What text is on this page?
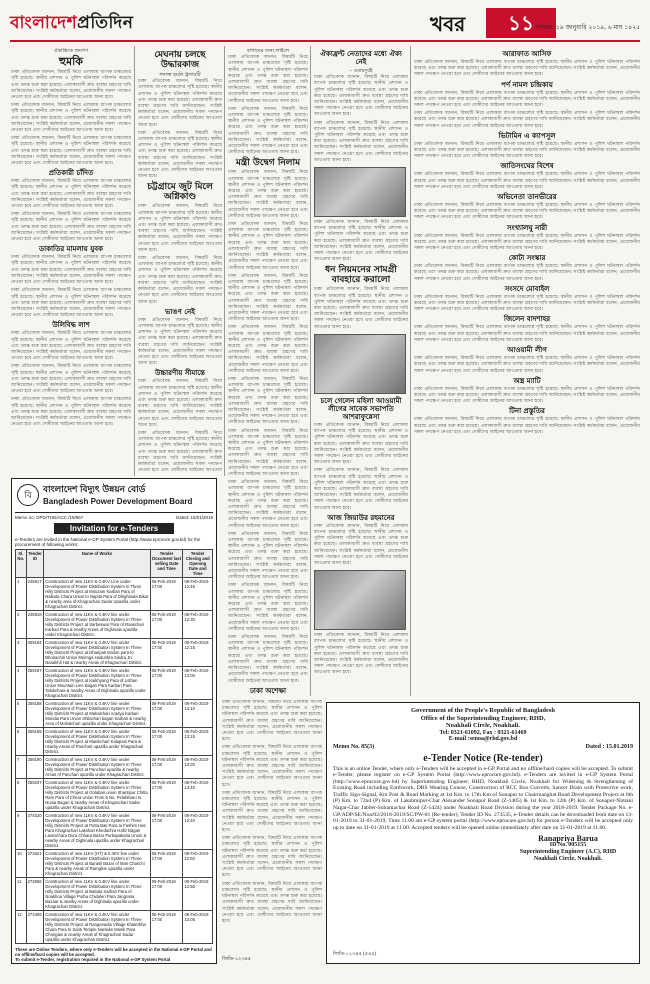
বাংলাদেশপ্রতিদিন	খবর	১১ শনিবার, ১৯ জানুয়ারি ২০১৯, ৬ মাঘ ১৪২৫
ঐকান্তিকে জনগণ
হুমকি

ঢাকা প্রতিবেদক জানান, বিষয়টি নিয়ে এলাকায় ব্যাপক চাঞ্চল্যের সৃষ্টি হয়েছে। স্থানীয় প্রশাসন ও পুলিশ ঘটনাস্থল পরিদর্শন করেছে এবং তদন্ত শুরু করা হয়েছে। এলাকাবাসী দ্রুত ব্যবস্থা গ্রহণের দাবি জানিয়েছেন। সংশ্লিষ্ট কর্মকর্তারা বলেন, প্রয়োজনীয় সকল পদক্ষেপ নেওয়া হবে এবং দোষীদের আইনের আওতায় আনা হবে।

ঢাকা প্রতিবেদক জানান, বিষয়টি নিয়ে এলাকায় ব্যাপক চাঞ্চল্যের সৃষ্টি হয়েছে। স্থানীয় প্রশাসন ও পুলিশ ঘটনাস্থল পরিদর্শন করেছে এবং তদন্ত শুরু করা হয়েছে। এলাকাবাসী দ্রুত ব্যবস্থা গ্রহণের দাবি জানিয়েছেন। সংশ্লিষ্ট কর্মকর্তারা বলেন, প্রয়োজনীয় সকল পদক্ষেপ নেওয়া হবে এবং দোষীদের আইনের আওতায় আনা হবে।

ঢাকা প্রতিবেদক জানান, বিষয়টি নিয়ে এলাকায় ব্যাপক চাঞ্চল্যের সৃষ্টি হয়েছে। স্থানীয় প্রশাসন ও পুলিশ ঘটনাস্থল পরিদর্শন করেছে এবং তদন্ত শুরু করা হয়েছে। এলাকাবাসী দ্রুত ব্যবস্থা গ্রহণের দাবি জানিয়েছেন। সংশ্লিষ্ট কর্মকর্তারা বলেন, প্রয়োজনীয় সকল পদক্ষেপ নেওয়া হবে এবং দোষীদের আইনের আওতায় আনা হবে।

প্রতিকারী চাঁদিত

ঢাকা প্রতিবেদক জানান, বিষয়টি নিয়ে এলাকায় ব্যাপক চাঞ্চল্যের সৃষ্টি হয়েছে। স্থানীয় প্রশাসন ও পুলিশ ঘটনাস্থল পরিদর্শন করেছে এবং তদন্ত শুরু করা হয়েছে। এলাকাবাসী দ্রুত ব্যবস্থা গ্রহণের দাবি জানিয়েছেন। সংশ্লিষ্ট কর্মকর্তারা বলেন, প্রয়োজনীয় সকল পদক্ষেপ নেওয়া হবে এবং দোষীদের আইনের আওতায় আনা হবে।

ঢাকা প্রতিবেদক জানান, বিষয়টি নিয়ে এলাকায় ব্যাপক চাঞ্চল্যের সৃষ্টি হয়েছে। স্থানীয় প্রশাসন ও পুলিশ ঘটনাস্থল পরিদর্শন করেছে এবং তদন্ত শুরু করা হয়েছে। এলাকাবাসী দ্রুত ব্যবস্থা গ্রহণের দাবি জানিয়েছেন। সংশ্লিষ্ট কর্মকর্তারা বলেন, প্রয়োজনীয় সকল পদক্ষেপ নেওয়া হবে এবং দোষীদের আইনের আওতায় আনা হবে।

ডাকাতির মামলায় যুবক

ঢাকা প্রতিবেদক জানান, বিষয়টি নিয়ে এলাকায় ব্যাপক চাঞ্চল্যের সৃষ্টি হয়েছে। স্থানীয় প্রশাসন ও পুলিশ ঘটনাস্থল পরিদর্শন করেছে এবং তদন্ত শুরু করা হয়েছে। এলাকাবাসী দ্রুত ব্যবস্থা গ্রহণের দাবি জানিয়েছেন। সংশ্লিষ্ট কর্মকর্তারা বলেন, প্রয়োজনীয় সকল পদক্ষেপ নেওয়া হবে এবং দোষীদের আইনের আওতায় আনা হবে।

ঢাকা প্রতিবেদক জানান, বিষয়টি নিয়ে এলাকায় ব্যাপক চাঞ্চল্যের সৃষ্টি হয়েছে। স্থানীয় প্রশাসন ও পুলিশ ঘটনাস্থল পরিদর্শন করেছে এবং তদন্ত শুরু করা হয়েছে। এলাকাবাসী দ্রুত ব্যবস্থা গ্রহণের দাবি জানিয়েছেন। সংশ্লিষ্ট কর্মকর্তারা বলেন, প্রয়োজনীয় সকল পদক্ষেপ নেওয়া হবে এবং দোষীদের আইনের আওতায় আনা হবে।

উলিবিদ্ধ লাশ

ঢাকা প্রতিবেদক জানান, বিষয়টি নিয়ে এলাকায় ব্যাপক চাঞ্চল্যের সৃষ্টি হয়েছে। স্থানীয় প্রশাসন ও পুলিশ ঘটনাস্থল পরিদর্শন করেছে এবং তদন্ত শুরু করা হয়েছে। এলাকাবাসী দ্রুত ব্যবস্থা গ্রহণের দাবি জানিয়েছেন। সংশ্লিষ্ট কর্মকর্তারা বলেন, প্রয়োজনীয় সকল পদক্ষেপ নেওয়া হবে এবং দোষীদের আইনের আওতায় আনা হবে।

ঢাকা প্রতিবেদক জানান, বিষয়টি নিয়ে এলাকায় ব্যাপক চাঞ্চল্যের সৃষ্টি হয়েছে। স্থানীয় প্রশাসন ও পুলিশ ঘটনাস্থল পরিদর্শন করেছে এবং তদন্ত শুরু করা হয়েছে। এলাকাবাসী দ্রুত ব্যবস্থা গ্রহণের দাবি জানিয়েছেন। সংশ্লিষ্ট কর্মকর্তারা বলেন, প্রয়োজনীয় সকল পদক্ষেপ নেওয়া হবে এবং দোষীদের আইনের আওতায় আনা হবে।

ঢাকা প্রতিবেদক জানান, বিষয়টি নিয়ে এলাকায় ব্যাপক চাঞ্চল্যের সৃষ্টি হয়েছে। স্থানীয় প্রশাসন ও পুলিশ ঘটনাস্থল পরিদর্শন করেছে এবং তদন্ত শুরু করা হয়েছে। এলাকাবাসী দ্রুত ব্যবস্থা গ্রহণের দাবি জানিয়েছেন। সংশ্লিষ্ট কর্মকর্তারা বলেন, প্রয়োজনীয় সকল পদক্ষেপ নেওয়া হবে এবং দোষীদের আইনের আওতায় আনা হবে।

মেঘনায় চলছে উদ্ধারকাজ
শনাক্ত হয়নি ট্রলারটি

ঢাকা প্রতিবেদক জানান, বিষয়টি নিয়ে এলাকায় ব্যাপক চাঞ্চল্যের সৃষ্টি হয়েছে। স্থানীয় প্রশাসন ও পুলিশ ঘটনাস্থল পরিদর্শন করেছে এবং তদন্ত শুরু করা হয়েছে। এলাকাবাসী দ্রুত ব্যবস্থা গ্রহণের দাবি জানিয়েছেন। সংশ্লিষ্ট কর্মকর্তারা বলেন, প্রয়োজনীয় সকল পদক্ষেপ নেওয়া হবে এবং দোষীদের আইনের আওতায় আনা হবে।

ঢাকা প্রতিবেদক জানান, বিষয়টি নিয়ে এলাকায় ব্যাপক চাঞ্চল্যের সৃষ্টি হয়েছে। স্থানীয় প্রশাসন ও পুলিশ ঘটনাস্থল পরিদর্শন করেছে এবং তদন্ত শুরু করা হয়েছে। এলাকাবাসী দ্রুত ব্যবস্থা গ্রহণের দাবি জানিয়েছেন। সংশ্লিষ্ট কর্মকর্তারা বলেন, প্রয়োজনীয় সকল পদক্ষেপ নেওয়া হবে এবং দোষীদের আইনের আওতায় আনা হবে।

চট্টগ্রামে জুট মিলে অগ্নিকাণ্ড

ঢাকা প্রতিবেদক জানান, বিষয়টি নিয়ে এলাকায় ব্যাপক চাঞ্চল্যের সৃষ্টি হয়েছে। স্থানীয় প্রশাসন ও পুলিশ ঘটনাস্থল পরিদর্শন করেছে এবং তদন্ত শুরু করা হয়েছে। এলাকাবাসী দ্রুত ব্যবস্থা গ্রহণের দাবি জানিয়েছেন। সংশ্লিষ্ট কর্মকর্তারা বলেন, প্রয়োজনীয় সকল পদক্ষেপ নেওয়া হবে এবং দোষীদের আইনের আওতায় আনা হবে।

ঢাকা প্রতিবেদক জানান, বিষয়টি নিয়ে এলাকায় ব্যাপক চাঞ্চল্যের সৃষ্টি হয়েছে। স্থানীয় প্রশাসন ও পুলিশ ঘটনাস্থল পরিদর্শন করেছে এবং তদন্ত শুরু করা হয়েছে। এলাকাবাসী দ্রুত ব্যবস্থা গ্রহণের দাবি জানিয়েছেন। সংশ্লিষ্ট কর্মকর্তারা বলেন, প্রয়োজনীয় সকল পদক্ষেপ নেওয়া হবে এবং দোষীদের আইনের আওতায় আনা হবে।

ভাঙণ নেই

ঢাকা প্রতিবেদক জানান, বিষয়টি নিয়ে এলাকায় ব্যাপক চাঞ্চল্যের সৃষ্টি হয়েছে। স্থানীয় প্রশাসন ও পুলিশ ঘটনাস্থল পরিদর্শন করেছে এবং তদন্ত শুরু করা হয়েছে। এলাকাবাসী দ্রুত ব্যবস্থা গ্রহণের দাবি জানিয়েছেন। সংশ্লিষ্ট কর্মকর্তারা বলেন, প্রয়োজনীয় সকল পদক্ষেপ নেওয়া হবে এবং দোষীদের আইনের আওতায় আনা হবে।

উচ্চারণীয় সীমান্তে

ঢাকা প্রতিবেদক জানান, বিষয়টি নিয়ে এলাকায় ব্যাপক চাঞ্চল্যের সৃষ্টি হয়েছে। স্থানীয় প্রশাসন ও পুলিশ ঘটনাস্থল পরিদর্শন করেছে এবং তদন্ত শুরু করা হয়েছে। এলাকাবাসী দ্রুত ব্যবস্থা গ্রহণের দাবি জানিয়েছেন। সংশ্লিষ্ট কর্মকর্তারা বলেন, প্রয়োজনীয় সকল পদক্ষেপ নেওয়া হবে এবং দোষীদের আইনের আওতায় আনা হবে।

ঢাকা প্রতিবেদক জানান, বিষয়টি নিয়ে এলাকায় ব্যাপক চাঞ্চল্যের সৃষ্টি হয়েছে। স্থানীয় প্রশাসন ও পুলিশ ঘটনাস্থল পরিদর্শন করেছে এবং তদন্ত শুরু করা হয়েছে। এলাকাবাসী দ্রুত ব্যবস্থা গ্রহণের দাবি জানিয়েছেন। সংশ্লিষ্ট কর্মকর্তারা বলেন, প্রয়োজনীয় সকল পদক্ষেপ নেওয়া হবে এবং দোষীদের আইনের আওতায়

বাগানের জন্য লাইলে

ঢাকা প্রতিবেদক জানান, বিষয়টি নিয়ে এলাকায় ব্যাপক চাঞ্চল্যের সৃষ্টি হয়েছে। স্থানীয় প্রশাসন ও পুলিশ ঘটনাস্থল পরিদর্শন করেছে এবং তদন্ত শুরু করা হয়েছে। এলাকাবাসী দ্রুত ব্যবস্থা গ্রহণের দাবি জানিয়েছেন। সংশ্লিষ্ট কর্মকর্তারা বলেন, প্রয়োজনীয় সকল পদক্ষেপ নেওয়া হবে এবং দোষীদের আইনের আওতায় আনা হবে।

ঢাকা প্রতিবেদক জানান, বিষয়টি নিয়ে এলাকায় ব্যাপক চাঞ্চল্যের সৃষ্টি হয়েছে। স্থানীয় প্রশাসন ও পুলিশ ঘটনাস্থল পরিদর্শন করেছে এবং তদন্ত শুরু করা হয়েছে। এলাকাবাসী দ্রুত ব্যবস্থা গ্রহণের দাবি জানিয়েছেন। সংশ্লিষ্ট কর্মকর্তারা বলেন, প্রয়োজনীয় সকল পদক্ষেপ নেওয়া হবে এবং দোষীদের আইনের আওতায় আনা হবে।

মন্ত্রী উদ্বেগ নিলাম

ঢাকা প্রতিবেদক জানান, বিষয়টি নিয়ে এলাকায় ব্যাপক চাঞ্চল্যের সৃষ্টি হয়েছে। স্থানীয় প্রশাসন ও পুলিশ ঘটনাস্থল পরিদর্শন করেছে এবং তদন্ত শুরু করা হয়েছে। এলাকাবাসী দ্রুত ব্যবস্থা গ্রহণের দাবি জানিয়েছেন। সংশ্লিষ্ট কর্মকর্তারা বলেন, প্রয়োজনীয় সকল পদক্ষেপ নেওয়া হবে এবং দোষীদের আইনের আওতায় আনা হবে।

ঢাকা প্রতিবেদক জানান, বিষয়টি নিয়ে এলাকায় ব্যাপক চাঞ্চল্যের সৃষ্টি হয়েছে। স্থানীয় প্রশাসন ও পুলিশ ঘটনাস্থল পরিদর্শন করেছে এবং তদন্ত শুরু করা হয়েছে। এলাকাবাসী দ্রুত ব্যবস্থা গ্রহণের দাবি জানিয়েছেন। সংশ্লিষ্ট কর্মকর্তারা বলেন, প্রয়োজনীয় সকল পদক্ষেপ নেওয়া হবে এবং দোষীদের আইনের আওতায় আনা হবে।

ঢাকা প্রতিবেদক জানান, বিষয়টি নিয়ে এলাকায় ব্যাপক চাঞ্চল্যের সৃষ্টি হয়েছে। স্থানীয় প্রশাসন ও পুলিশ ঘটনাস্থল পরিদর্শন করেছে এবং তদন্ত শুরু করা হয়েছে। এলাকাবাসী দ্রুত ব্যবস্থা গ্রহণের দাবি জানিয়েছেন। সংশ্লিষ্ট কর্মকর্তারা বলেন, প্রয়োজনীয় সকল পদক্ষেপ নেওয়া হবে এবং দোষীদের আইনের আওতায় আনা হবে।

ঢাকা প্রতিবেদক জানান, বিষয়টি নিয়ে এলাকায় ব্যাপক চাঞ্চল্যের সৃষ্টি হয়েছে। স্থানীয় প্রশাসন ও পুলিশ ঘটনাস্থল পরিদর্শন করেছে এবং তদন্ত শুরু করা হয়েছে। এলাকাবাসী দ্রুত ব্যবস্থা গ্রহণের দাবি জানিয়েছেন। সংশ্লিষ্ট কর্মকর্তারা বলেন, প্রয়োজনীয় সকল পদক্ষেপ নেওয়া হবে এবং দোষীদের আইনের আওতায় আনা হবে।

ঢাকা প্রতিবেদক জানান, বিষয়টি নিয়ে এলাকায় ব্যাপক চাঞ্চল্যের সৃষ্টি হয়েছে। স্থানীয় প্রশাসন ও পুলিশ ঘটনাস্থল পরিদর্শন করেছে এবং তদন্ত শুরু করা হয়েছে। এলাকাবাসী দ্রুত ব্যবস্থা গ্রহণের দাবি জানিয়েছেন। সংশ্লিষ্ট কর্মকর্তারা বলেন, প্রয়োজনীয় সকল পদক্ষেপ নেওয়া হবে এবং দোষীদের আইনের আওতায় আনা হবে।

ঢাকা প্রতিবেদক জানান, বিষয়টি নিয়ে এলাকায় ব্যাপক চাঞ্চল্যের সৃষ্টি হয়েছে। স্থানীয় প্রশাসন ও পুলিশ ঘটনাস্থল পরিদর্শন করেছে এবং তদন্ত শুরু করা হয়েছে। এলাকাবাসী দ্রুত ব্যবস্থা গ্রহণের দাবি জানিয়েছেন। সংশ্লিষ্ট কর্মকর্তারা বলেন, প্রয়োজনীয় সকল পদক্ষেপ নেওয়া হবে এবং দোষীদের আইনের আওতায় আনা হবে।

ঢাকা প্রতিবেদক জানান, বিষয়টি নিয়ে এলাকায় ব্যাপক চাঞ্চল্যের সৃষ্টি হয়েছে। স্থানীয় প্রশাসন ও পুলিশ ঘটনাস্থল পরিদর্শন করেছে এবং তদন্ত শুরু করা হয়েছে। এলাকাবাসী দ্রুত ব্যবস্থা গ্রহণের দাবি জানিয়েছেন। সংশ্লিষ্ট কর্মকর্তারা বলেন, প্রয়োজনীয় সকল পদক্ষেপ নেওয়া হবে এবং দোষীদের আইনের আওতায় আনা হবে।

ঢাকা প্রতিবেদক জানান, বিষয়টি নিয়ে এলাকায় ব্যাপক চাঞ্চল্যের সৃষ্টি হয়েছে। স্থানীয় প্রশাসন ও পুলিশ ঘটনাস্থল পরিদর্শন করেছে এবং তদন্ত শুরু করা হয়েছে। এলাকাবাসী দ্রুত ব্যবস্থা গ্রহণের দাবি জানিয়েছেন। সংশ্লিষ্ট কর্মকর্তারা বলেন, প্রয়োজনীয় সকল পদক্ষেপ নেওয়া হবে এবং দোষীদের আইনের আওতায় আনা হবে।

ঢাকা প্রতিবেদক জানান, বিষয়টি নিয়ে এলাকায় ব্যাপক চাঞ্চল্যের সৃষ্টি হয়েছে। স্থানীয় প্রশাসন ও পুলিশ ঘটনাস্থল পরিদর্শন করেছে এবং তদন্ত শুরু করা হয়েছে। এলাকাবাসী দ্রুত ব্যবস্থা গ্রহণের দাবি জানিয়েছেন। সংশ্লিষ্ট কর্মকর্তারা বলেন, প্রয়োজনীয় সকল পদক্ষেপ নেওয়া হবে এবং দোষীদের আইনের আওতায় আনা হবে।

ঢাকা প্রতিবেদক জানান, বিষয়টি নিয়ে এলাকায় ব্যাপক চাঞ্চল্যের সৃষ্টি হয়েছে। স্থানীয় প্রশাসন ও পুলিশ ঘটনাস্থল পরিদর্শন করেছে এবং তদন্ত শুরু করা হয়েছে। এলাকাবাসী দ্রুত ব্যবস্থা গ্রহণের দাবি জানিয়েছেন। সংশ্লিষ্ট কর্মকর্তারা বলেন, প্রয়োজনীয় সকল পদক্ষেপ নেওয়া হবে এবং দোষীদের আইনের আওতায় আনা হবে।

ঢাকা অশেক্ষা

ঐক্যফ্রন্ট নেতাদের মধ্যে ঐক্য নেই
– ওবায়দুর্বই

ঢাকা প্রতিবেদক জানান, বিষয়টি নিয়ে এলাকায় ব্যাপক চাঞ্চল্যের সৃষ্টি হয়েছে। স্থানীয় প্রশাসন ও পুলিশ ঘটনাস্থল পরিদর্শন করেছে এবং তদন্ত শুরু করা হয়েছে। এলাকাবাসী দ্রুত ব্যবস্থা গ্রহণের দাবি জানিয়েছেন। সংশ্লিষ্ট কর্মকর্তারা বলেন, প্রয়োজনীয় সকল পদক্ষেপ নেওয়া হবে এবং দোষীদের আইনের আওতায় আনা হবে।

ঢাকা প্রতিবেদক জানান, বিষয়টি নিয়ে এলাকায় ব্যাপক চাঞ্চল্যের সৃষ্টি হয়েছে। স্থানীয় প্রশাসন ও পুলিশ ঘটনাস্থল পরিদর্শন করেছে এবং তদন্ত শুরু করা হয়েছে। এলাকাবাসী দ্রুত ব্যবস্থা গ্রহণের দাবি জানিয়েছেন। সংশ্লিষ্ট কর্মকর্তারা বলেন, প্রয়োজনীয় সকল পদক্ষেপ নেওয়া হবে এবং দোষীদের আইনের আওতায় আনা হবে।

ঢাকা প্রতিবেদক জানান, বিষয়টি নিয়ে এলাকায় ব্যাপক চাঞ্চল্যের সৃষ্টি হয়েছে। স্থানীয় প্রশাসন ও পুলিশ ঘটনাস্থল পরিদর্শন করেছে এবং তদন্ত শুরু করা হয়েছে। এলাকাবাসী দ্রুত ব্যবস্থা গ্রহণের দাবি জানিয়েছেন। সংশ্লিষ্ট কর্মকর্তারা বলেন, প্রয়োজনীয় সকল পদক্ষেপ নেওয়া হবে এবং দোষীদের আইনের আওতায় আনা হবে।

ধন নিয়মনের সামগ্রী বাবহারে করালো

ঢাকা প্রতিবেদক জানান, বিষয়টি নিয়ে এলাকায় ব্যাপক চাঞ্চল্যের সৃষ্টি হয়েছে। স্থানীয় প্রশাসন ও পুলিশ ঘটনাস্থল পরিদর্শন করেছে এবং তদন্ত শুরু করা হয়েছে। এলাকাবাসী দ্রুত ব্যবস্থা গ্রহণের দাবি জানিয়েছেন। সংশ্লিষ্ট কর্মকর্তারা বলেন, প্রয়োজনীয় সকল পদক্ষেপ নেওয়া হবে এবং দোষীদের আইনের আওতায় আনা হবে।

চলে গেলেন মহিলা আওয়ামী লীগের সাবেক সভাপতি আশরাফুন্নেসা

ঢাকা প্রতিবেদক জানান, বিষয়টি নিয়ে এলাকায় ব্যাপক চাঞ্চল্যের সৃষ্টি হয়েছে। স্থানীয় প্রশাসন ও পুলিশ ঘটনাস্থল পরিদর্শন করেছে এবং তদন্ত শুরু করা হয়েছে। এলাকাবাসী দ্রুত ব্যবস্থা গ্রহণের দাবি জানিয়েছেন। সংশ্লিষ্ট কর্মকর্তারা বলেন, প্রয়োজনীয় সকল পদক্ষেপ নেওয়া হবে এবং দোষীদের আইনের আওতায় আনা হবে।

ঢাকা প্রতিবেদক জানান, বিষয়টি নিয়ে এলাকায় ব্যাপক চাঞ্চল্যের সৃষ্টি হয়েছে। স্থানীয় প্রশাসন ও পুলিশ ঘটনাস্থল পরিদর্শন করেছে এবং তদন্ত শুরু করা হয়েছে। এলাকাবাসী দ্রুত ব্যবস্থা গ্রহণের দাবি জানিয়েছেন। সংশ্লিষ্ট কর্মকর্তারা বলেন, প্রয়োজনীয় সকল পদক্ষেপ নেওয়া হবে এবং দোষীদের আইনের আওতায় আনা হবে।

আজ জিয়াউর রহমানের

ঢাকা প্রতিবেদক জানান, বিষয়টি নিয়ে এলাকায় ব্যাপক চাঞ্চল্যের সৃষ্টি হয়েছে। স্থানীয় প্রশাসন ও পুলিশ ঘটনাস্থল পরিদর্শন করেছে এবং তদন্ত শুরু করা হয়েছে। এলাকাবাসী দ্রুত ব্যবস্থা গ্রহণের দাবি জানিয়েছেন। সংশ্লিষ্ট কর্মকর্তারা বলেন, প্রয়োজনীয় সকল পদক্ষেপ নেওয়া হবে এবং দোষীদের আইনের আওতায় আনা হবে।

ঢাকা প্রতিবেদক জানান, বিষয়টি নিয়ে এলাকায় ব্যাপক চাঞ্চল্যের সৃষ্টি হয়েছে। স্থানীয় প্রশাসন ও পুলিশ ঘটনাস্থল পরিদর্শন করেছে এবং তদন্ত শুরু করা হয়েছে। এলাকাবাসী দ্রুত ব্যবস্থা গ্রহণের দাবি জানিয়েছেন। সংশ্লিষ্ট কর্মকর্তারা বলেন, প্রয়োজনীয় সকল পদক্ষেপ নেওয়া হবে এবং দোষীদের আইনের আওতায় আনা হবে।

আরাফাত আসিফ

ঢাকা প্রতিবেদক জানান, বিষয়টি নিয়ে এলাকায় ব্যাপক চাঞ্চল্যের সৃষ্টি হয়েছে। স্থানীয় প্রশাসন ও পুলিশ ঘটনাস্থল পরিদর্শন করেছে এবং তদন্ত শুরু করা হয়েছে। এলাকাবাসী দ্রুত ব্যবস্থা গ্রহণের দাবি জানিয়েছেন। সংশ্লিষ্ট কর্মকর্তারা বলেন, প্রয়োজনীয় সকল পদক্ষেপ নেওয়া হবে এবং দোষীদের আইনের আওতায় আনা হবে।

পর্ণ নামল চন্দ্রিকায়

ঢাকা প্রতিবেদক জানান, বিষয়টি নিয়ে এলাকায় ব্যাপক চাঞ্চল্যের সৃষ্টি হয়েছে। স্থানীয় প্রশাসন ও পুলিশ ঘটনাস্থল পরিদর্শন করেছে এবং তদন্ত শুরু করা হয়েছে। এলাকাবাসী দ্রুত ব্যবস্থা গ্রহণের দাবি জানিয়েছেন। সংশ্লিষ্ট কর্মকর্তারা বলেন, প্রয়োজনীয় সকল পদক্ষেপ নেওয়া হবে এবং দোষীদের আইনের আওতায় আনা হবে।

ঢাকা প্রতিবেদক জানান, বিষয়টি নিয়ে এলাকায় ব্যাপক চাঞ্চল্যের সৃষ্টি হয়েছে। স্থানীয় প্রশাসন ও পুলিশ ঘটনাস্থল পরিদর্শন করেছে এবং তদন্ত শুরু করা হয়েছে। এলাকাবাসী দ্রুত ব্যবস্থা গ্রহণের দাবি জানিয়েছেন। সংশ্লিষ্ট কর্মকর্তারা বলেন, প্রয়োজনীয় সকল পদক্ষেপ নেওয়া হবে এবং দোষীদের আইনের আওতায় আনা হবে।

ভিটামিন এ ক্যাপসুল

ঢাকা প্রতিবেদক জানান, বিষয়টি নিয়ে এলাকায় ব্যাপক চাঞ্চল্যের সৃষ্টি হয়েছে। স্থানীয় প্রশাসন ও পুলিশ ঘটনাস্থল পরিদর্শন করেছে এবং তদন্ত শুরু করা হয়েছে। এলাকাবাসী দ্রুত ব্যবস্থা গ্রহণের দাবি জানিয়েছেন। সংশ্লিষ্ট কর্মকর্তারা বলেন, প্রয়োজনীয় সকল পদক্ষেপ নেওয়া হবে এবং দোষীদের আইনের আওতায় আনা হবে।

জাতিসংঘের বিশেষ

ঢাকা প্রতিবেদক জানান, বিষয়টি নিয়ে এলাকায় ব্যাপক চাঞ্চল্যের সৃষ্টি হয়েছে। স্থানীয় প্রশাসন ও পুলিশ ঘটনাস্থল পরিদর্শন করেছে এবং তদন্ত শুরু করা হয়েছে। এলাকাবাসী দ্রুত ব্যবস্থা গ্রহণের দাবি জানিয়েছেন। সংশ্লিষ্ট কর্মকর্তারা বলেন, প্রয়োজনীয় সকল পদক্ষেপ নেওয়া হবে এবং দোষীদের আইনের আওতায় আনা হবে।

অভিনেতা তানভীরের

ঢাকা প্রতিবেদক জানান, বিষয়টি নিয়ে এলাকায় ব্যাপক চাঞ্চল্যের সৃষ্টি হয়েছে। স্থানীয় প্রশাসন ও পুলিশ ঘটনাস্থল পরিদর্শন করেছে এবং তদন্ত শুরু করা হয়েছে। এলাকাবাসী দ্রুত ব্যবস্থা গ্রহণের দাবি জানিয়েছেন। সংশ্লিষ্ট কর্মকর্তারা বলেন, প্রয়োজনীয় সকল পদক্ষেপ নেওয়া হবে এবং দোষীদের আইনের আওতায় আনা হবে।

সংখ্যালঘু নারী

ঢাকা প্রতিবেদক জানান, বিষয়টি নিয়ে এলাকায় ব্যাপক চাঞ্চল্যের সৃষ্টি হয়েছে। স্থানীয় প্রশাসন ও পুলিশ ঘটনাস্থল পরিদর্শন করেছে এবং তদন্ত শুরু করা হয়েছে। এলাকাবাসী দ্রুত ব্যবস্থা গ্রহণের দাবি জানিয়েছেন। সংশ্লিষ্ট কর্মকর্তারা বলেন, প্রয়োজনীয় সকল পদক্ষেপ নেওয়া হবে এবং দোষীদের আইনের আওতায় আনা হবে।

কোটা সংস্কার

ঢাকা প্রতিবেদক জানান, বিষয়টি নিয়ে এলাকায় ব্যাপক চাঞ্চল্যের সৃষ্টি হয়েছে। স্থানীয় প্রশাসন ও পুলিশ ঘটনাস্থল পরিদর্শন করেছে এবং তদন্ত শুরু করা হয়েছে। এলাকাবাসী দ্রুত ব্যবস্থা গ্রহণের দাবি জানিয়েছেন। সংশ্লিষ্ট কর্মকর্তারা বলেন, প্রয়োজনীয় সকল পদক্ষেপ নেওয়া হবে এবং দোষীদের আইনের আওতায় আনা হবে।

সংসদে মোবাইল

ঢাকা প্রতিবেদক জানান, বিষয়টি নিয়ে এলাকায় ব্যাপক চাঞ্চল্যের সৃষ্টি হয়েছে। স্থানীয় প্রশাসন ও পুলিশ ঘটনাস্থল পরিদর্শন করেছে এবং তদন্ত শুরু করা হয়েছে। এলাকাবাসী দ্রুত ব্যবস্থা গ্রহণের দাবি জানিয়েছেন। সংশ্লিষ্ট কর্মকর্তারা বলেন, প্রয়োজনীয় সকল পদক্ষেপ নেওয়া হবে এবং দোষীদের আইনের আওতায় আনা হবে।

জিলেন বাদশাহর

ঢাকা প্রতিবেদক জানান, বিষয়টি নিয়ে এলাকায় ব্যাপক চাঞ্চল্যের সৃষ্টি হয়েছে। স্থানীয় প্রশাসন ও পুলিশ ঘটনাস্থল পরিদর্শন করেছে এবং তদন্ত শুরু করা হয়েছে। এলাকাবাসী দ্রুত ব্যবস্থা গ্রহণের দাবি জানিয়েছেন। সংশ্লিষ্ট কর্মকর্তারা বলেন, প্রয়োজনীয় সকল পদক্ষেপ নেওয়া হবে এবং দোষীদের আইনের আওতায় আনা হবে।

আওয়ামী লীগ

ঢাকা প্রতিবেদক জানান, বিষয়টি নিয়ে এলাকায় ব্যাপক চাঞ্চল্যের সৃষ্টি হয়েছে। স্থানীয় প্রশাসন ও পুলিশ ঘটনাস্থল পরিদর্শন করেছে এবং তদন্ত শুরু করা হয়েছে। এলাকাবাসী দ্রুত ব্যবস্থা গ্রহণের দাবি জানিয়েছেন। সংশ্লিষ্ট কর্মকর্তারা বলেন, প্রয়োজনীয় সকল পদক্ষেপ নেওয়া হবে এবং দোষীদের আইনের আওতায় আনা হবে।

অস্ত্র ম্যাটি

ঢাকা প্রতিবেদক জানান, বিষয়টি নিয়ে এলাকায় ব্যাপক চাঞ্চল্যের সৃষ্টি হয়েছে। স্থানীয় প্রশাসন ও পুলিশ ঘটনাস্থল পরিদর্শন করেছে এবং তদন্ত শুরু করা হয়েছে। এলাকাবাসী দ্রুত ব্যবস্থা গ্রহণের দাবি জানিয়েছেন। সংশ্লিষ্ট কর্মকর্তারা বলেন, প্রয়োজনীয় সকল পদক্ষেপ নেওয়া হবে এবং দোষীদের আইনের আওতায় আনা হবে।

টিনা প্রস্তুতির

ঢাকা প্রতিবেদক জানান, বিষয়টি নিয়ে এলাকায় ব্যাপক চাঞ্চল্যের সৃষ্টি হয়েছে। স্থানীয় প্রশাসন ও পুলিশ ঘটনাস্থল পরিদর্শন করেছে এবং তদন্ত শুরু করা হয়েছে। এলাকাবাসী দ্রুত ব্যবস্থা গ্রহণের দাবি জানিয়েছেন। সংশ্লিষ্ট কর্মকর্তারা বলেন, প্রয়োজনীয় সকল পদক্ষেপ নেওয়া হবে এবং দোষীদের আইনের আওতায় আনা হবে।

ঢাকা প্রতিবেদক জানান, বিষয়টি নিয়ে এলাকায় ব্যাপক চাঞ্চল্যের সৃষ্টি হয়েছে। স্থানীয় প্রশাসন ও পুলিশ ঘটনাস্থল পরিদর্শন করেছে এবং তদন্ত শুরু করা হয়েছে। এলাকাবাসী দ্রুত ব্যবস্থা গ্রহণের দাবি জানিয়েছেন। সংশ্লিষ্ট কর্মকর্তারা বলেন, প্রয়োজনীয় সকল পদক্ষেপ নেওয়া হবে এবং দোষীদের আইনের আওতায় আনা হবে।

ঢাকা প্রতিবেদক জানান, বিষয়টি নিয়ে এলাকায় ব্যাপক চাঞ্চল্যের সৃষ্টি হয়েছে। স্থানীয় প্রশাসন ও পুলিশ ঘটনাস্থল পরিদর্শন করেছে এবং তদন্ত শুরু করা হয়েছে। এলাকাবাসী দ্রুত ব্যবস্থা গ্রহণের দাবি জানিয়েছেন। সংশ্লিষ্ট কর্মকর্তারা বলেন, প্রয়োজনীয় সকল পদক্ষেপ নেওয়া হবে এবং দোষীদের আইনের আওতায় আনা হবে।

ঢাকা প্রতিবেদক জানান, বিষয়টি নিয়ে এলাকায় ব্যাপক চাঞ্চল্যের সৃষ্টি হয়েছে। স্থানীয় প্রশাসন ও পুলিশ ঘটনাস্থল পরিদর্শন করেছে এবং তদন্ত শুরু করা হয়েছে। এলাকাবাসী দ্রুত ব্যবস্থা গ্রহণের দাবি জানিয়েছেন। সংশ্লিষ্ট কর্মকর্তারা বলেন, প্রয়োজনীয় সকল পদক্ষেপ নেওয়া হবে এবং দোষীদের আইনের আওতায় আনা হবে।

ঢাকা প্রতিবেদক জানান, বিষয়টি নিয়ে এলাকায় ব্যাপক চাঞ্চল্যের সৃষ্টি হয়েছে। স্থানীয় প্রশাসন ও পুলিশ ঘটনাস্থল পরিদর্শন করেছে এবং তদন্ত শুরু করা হয়েছে। এলাকাবাসী দ্রুত ব্যবস্থা গ্রহণের দাবি জানিয়েছেন। সংশ্লিষ্ট কর্মকর্তারা বলেন, প্রয়োজনীয় সকল পদক্ষেপ নেওয়া হবে এবং দোষীদের আইনের আওতায় আনা হবে।

ঢাকা প্রতিবেদক জানান, বিষয়টি নিয়ে এলাকায় ব্যাপক চাঞ্চল্যের সৃষ্টি হয়েছে। স্থানীয় প্রশাসন ও পুলিশ ঘটনাস্থল পরিদর্শন করেছে এবং তদন্ত শুরু করা হয়েছে। এলাকাবাসী দ্রুত ব্যবস্থা গ্রহণের দাবি জানিয়েছেন। সংশ্লিষ্ট কর্মকর্তারা বলেন, প্রয়োজনীয় সকল পদক্ষেপ নেওয়া হবে এবং দোষীদের আইনের আওতায় আনা হবে।

জিডি-১২৩৪৫
বি
বাংলাদেশ বিদ্যুৎ উন্নয়ন বোর্ড
Bangladesh Power Development Board
Memo no: DPD/THD/ACC /18/967	Dated: 15/01/2019
Invitation for e-Tenders
e-Tenders are invited in the National e-GP System Portal (http://www.eprocure.gov.bd) for the procurement of following works:
Sl. No.	Tender ID	Name of Works	Tender Document last selling Date and Time	Tender Closing and Opening Date and Time
1	245817	Construction of new 11KV & 0.4KV Line under Development of Power Distribution System in Three Hilly Districts Project at Mouzam Karbari Para of Nalkata Chara Union to Napita Para of Dhighinala Bikar & nearby area of Khagrachari Sadar Upazilla under Khagrachari District.	05-Feb-2019 17:00	06-Feb-2019 12:45
2	245818	Construction of new 11KV & 0.4KV line under Development of Power Distribution System In Three Hilly Districts Project at Sarbeswar Para of Roaschari Karbari Para & nearby Areas of Dighinala upazilla under Khagrachari District.	05-Feb-2019 17:00	06-Feb-2019 12:30
3	259184	Construction of new 11KV & 0.4KV line under Development of Power Distribution System In Three Hilly Districts Project at Dhanpati Moilon para to Bhoirachiri Union Moringa Haduribra Sikdra Jn. Naraikhil Hat & nearby Areas of Khagrachari District.	05-Feb-2019 17:00	06-Feb-2019 12:15
4	259187	Construction of new 11KV & 0.4KV line under Development of Power Distribution System In Three Hilly Districts Project at Kaikhyang Para of Lothan Union Mountain Line Bagan Para Karbari Para Talukchara & nearby Areas of Dighinala upazilla under Khagrachari District.	05-Feb-2019 17:00	06-Feb-2019 13:00
5	259188	Construction of new 11KV & 0.4KV line under Development of Power Distribution System In Three Hilly Districts Project at Mahalchari Aradya Karbari Mondia Para Union Shilachari bagan Karbari & nearby Area of Mahalchari upazilla under Khagrachari District.	05-Feb-2019 17:00	06-Feb-2019 13:10
6	259189	Construction of new 11KV & 0.4KV line under Development of Power Distribution System In Three Hilly Districts Project at Manikchari Kalapani Para & nearby Areas of Panchari upazilla under Khagrachari District.	05-Feb-2019 17:00	06-Feb-2019 13:15
7	259190	Construction of new 11KV & 0.4KV line under Development of Power Distribution System In Three Hilly Districts Project at Panchari upazilla & nearby Areas of Panchari upazilla under Khagrachari District.	05-Feb-2019 17:00	06-Feb-2019 13:30
8	259207	Construction of new 11KV & 0.4KV line under Development of Power Distribution System In Three Hilly Districts Project at Golabari union Shantipur Chitta Ram Para of Chera Union From 6 No. Pelahibaru to Nunia Bagan & nearby Areas of Khagrachari Sadar upazilla under Khagrachari District.	05-Feb-2019 17:00	06-Feb-2019 13:40
9	274020	Construction of new 11KV & 0.4KV line under Development of Power Distribution System In Three Hilly Districts Project at Putta Bati Para to Fashim Hati Para Khagrachari Lakshari Khedachra Hafiz Bagan Laxmichara Dura Chhara Bazar Purbapakaria Union & nearby Areas of Dighinala upazilla under Khagrachari District.	05-Feb-2019 17:00	06-Feb-2019 12:40
10	273621	Construction of new 11KV (HT) & 0.4KV line under Development of Power Distribution System In Three Hilly Districts Project at Barasil Bazar of Mari Chanchi Para & nearby Areas of Ramghar upazilla under Khagrachari District.	05-Feb-2019 17:00	06-Feb-2019 12:50
11	273606	Construction of new 11KV & 0.4KV line under Development of Power Distribution System In Three Hilly Districts Project at Battala Karbari Para of Noakhoa Village Purba Chiduleri Para Jangrana Bazaar & nearby Areas of Dighinala upazilla under Khagrachari District.	05-Feb-2019 17:00	06-Feb-2019 12:55
12	273408	Construction of new 11KV & 0.4KV line under Development of Power Distribution System In Three Hilly Districts Project at Ranganadia Village Khaterkha Chara Para to Santi Temple Nanlaks Manik Para Chongaw & nearby Areas of Khagrachari Sadar upazilla under Khagrachari District.	05-Feb-2019 17:00	06-Feb-2019 13:05
These are Online Tenders, where only e-Tenders will be accepted in the National e-GP Portal and no offline/hard copies will be accepted.
To submit e-Tender, registration required in the National e-GP System Portal
Government of the People's Republic of Bangladesh
Office of the Superintending Engineer, RHD,
Noakhali Circle, Noakhali.
Tel: 0321-61092, Fax : 0321-61469
E-mail :senoa@rhd.gov.bd
Memo No. 85(3)	Dated : 15.01.2019
e-Tender Notice (Re-tender)
This is an online Tender, where only e-Tenders will be accepted in e-GP Portal and no offline/hard copies will be accepted. To submit e-Tender, please register on e-GP System Portal (http://www.eprocure.gov.bd). e-Tenders are invited in e-GP System Portal (http://www.eprocure.gov.bd) by Superintending Engineer, RHD, Noakhali Circle, Noakhali for Widening & Strengthening of Existing Road including Earthwork, DBS Wearing Course, Construction of RCC Box Culverts, Sancer Drain with Protective work, Traffic Sign-Signal, Km Post & Road Marking at 1st Km. to 17th Km of Sonapur to Chairmanghat Road Development Project at 6th (P) Km. to 72nd (P) Km. of Lakshmipur-Char Alexander Sonapur Road (Z-1405) & 1st Km. to 12th (P) Km. of Sonapur-Nimani Nagar-Char Jabber-Subarnachar Road (Z-1424) under Noakhali Road Division during the year 2018-2019. Tender Package No. e-GP/ADP/SE/Noa/02/2018-2019/SC/PW-01 (Re-tender), Tender ID No. 273535, e-Tender details can be downloaded from date on 13-01-2019 to 31-01-2019, Time 11.00 am e-GP system portal (http://www.eprocure.gov.bd) for person e-Tenders will be accepted only up to date on 31-01-2019 at 11.00. Accepted tenders will be opened online immediately after date on 31-01-2019 at 11.00.
Ranapriya Barua
ID No. 005155
Superintending Engineer (A.C), RHD
Noakhali Circle, Noakhali.
জিডি-১২৩৪৫ (৫৪৫)
